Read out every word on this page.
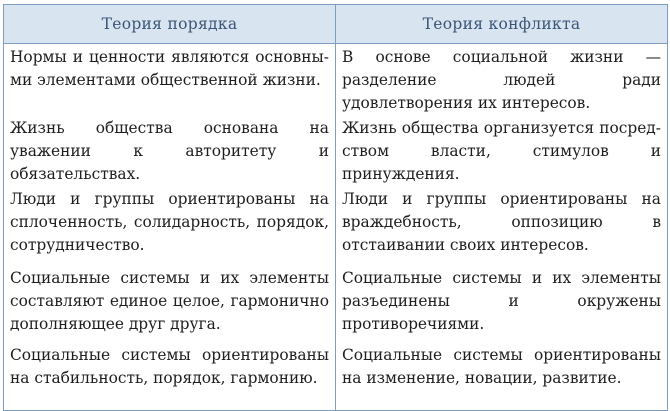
Теория порядка	Теория конфликта

Нормы и ценности являются основными элементами общественной жизни.	В основе социальной жизни — разделение людей ради удовлетворения их интересов.

Жизнь общества основана на уважении к авторитету и обязательствах.	Жизнь общества организуется посредством власти, стимулов и принуждения.

Люди и группы ориентированы на сплоченность, солидарность, порядок, сотрудничество.	Люди и группы ориентированы на враждебность, оппозицию в отстаивании своих интересов.

Социальные системы и их элементы составляют единое целое, гармонично дополняющее друг друга.	Социальные системы и их элементы разъединены и окружены противоречиями.

Социальные системы ориентированы на стабильность, порядок, гармонию.	Социальные системы ориентированы на изменение, новации, развитие.
